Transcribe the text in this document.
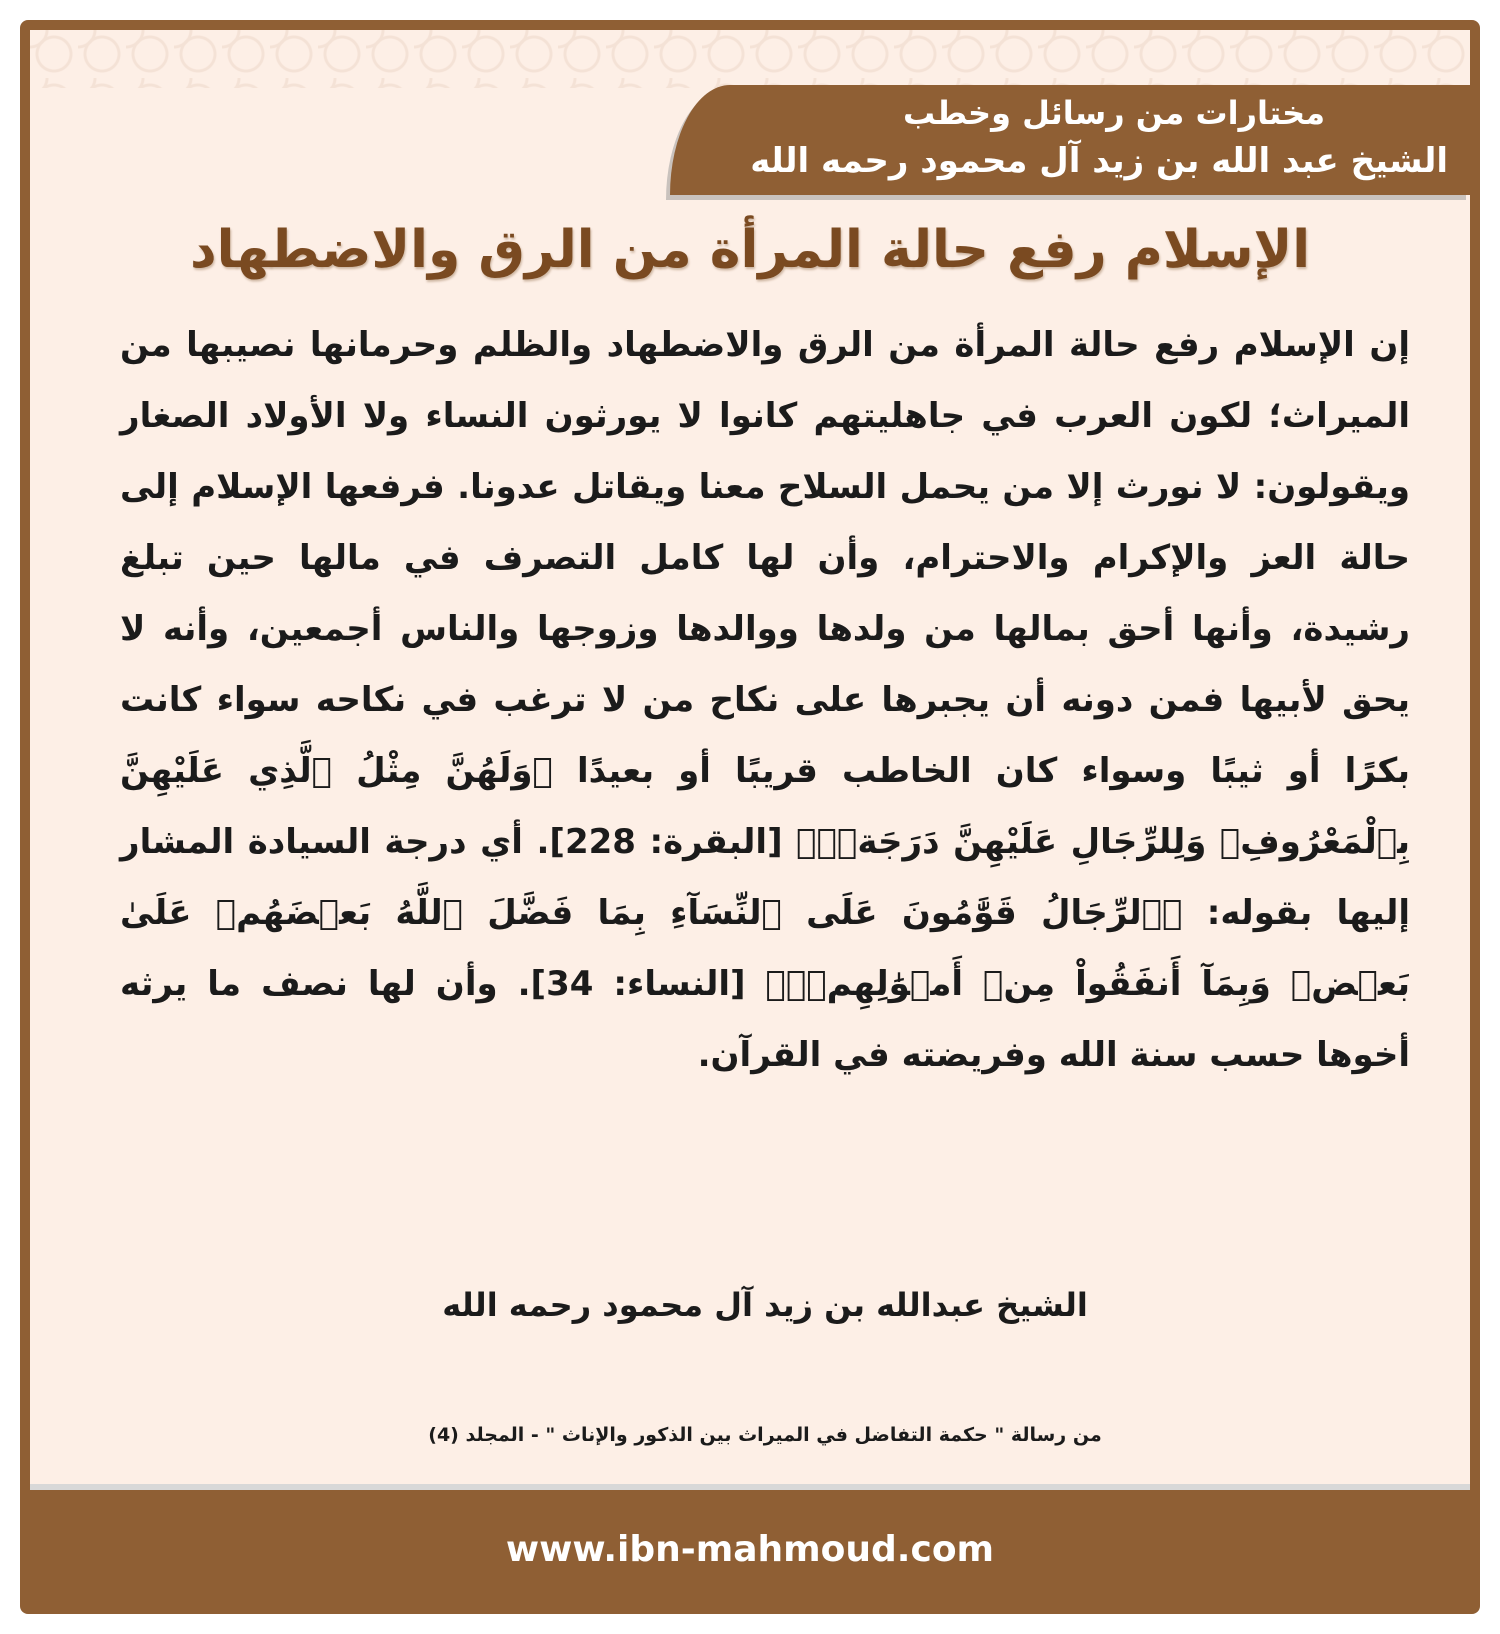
مختارات من رسائل وخطب
الشيخ عبد الله بن زيد آل محمود رحمه الله
الإسلام رفع حالة المرأة من الرق والاضطهاد
إن الإسلام رفع حالة المرأة من الرق والاضطهاد والظلم وحرمانها نصيبها من الميراث؛ لكون العرب في جاهليتهم كانوا لا يورثون النساء ولا الأولاد الصغار ويقولون: لا نورث إلا من يحمل السلاح معنا ويقاتل عدونا. فرفعها الإسلام إلى حالة العز والإكرام والاحترام، وأن لها كامل التصرف في مالها حين تبلغ رشيدة، وأنها أحق بمالها من ولدها ووالدها وزوجها والناس أجمعين، وأنه لا يحق لأبيها فمن دونه أن يجبرها على نكاح من لا ترغب في نكاحه سواء كانت بكرًا أو ثيبًا وسواء كان الخاطب قريبًا أو بعيدًا ﴿وَلَهُنَّ مِثْلُ ٱلَّذِي عَلَيْهِنَّ بِٱلْمَعْرُوفِۚ وَلِلرِّجَالِ عَلَيْهِنَّ دَرَجَةٞۗ﴾ [البقرة: 228]. أي درجة السيادة المشار إليها بقوله: ﴿ٱلرِّجَالُ قَوَّٰمُونَ عَلَى ٱلنِّسَآءِ بِمَا فَضَّلَ ٱللَّهُ بَعۡضَهُمۡ عَلَىٰ بَعۡضٖ وَبِمَآ أَنفَقُواْ مِنۡ أَمۡوَٰلِهِمۡۚ﴾ [النساء: 34]. وأن لها نصف ما يرثه أخوها حسب سنة الله وفريضته في القرآن.
الشيخ عبدالله بن زيد آل محمود رحمه الله
من رسالة " حكمة التفاضل في الميراث بين الذكور والإناث " - المجلد (4)
www.ibn-mahmoud.com
